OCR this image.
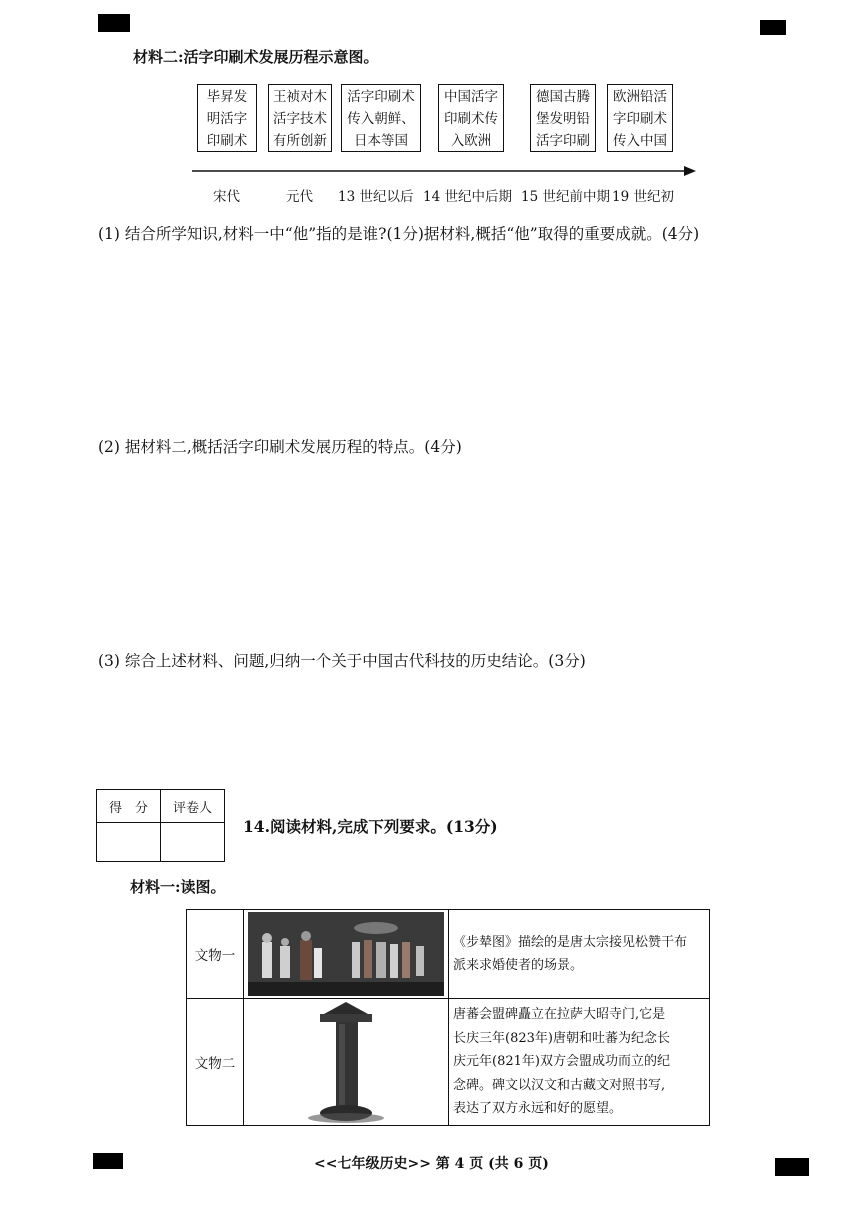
材料二:活字印刷术发展历程示意图。
毕昇发
明活字
印刷术
王祯对木
活字技术
有所创新
活字印刷术
传入朝鲜、
日本等国
中国活字
印刷术传
入欧洲
德国古腾
堡发明铅
活字印刷
欧洲铅活
字印刷术
传入中国
宋代	元代 13 世纪以后 14 世纪中后期 15 世纪前中期 19 世纪初
(1) 结合所学知识,材料一中“他”指的是谁?(1分)据材料,概括“他”取得的重要成就。(4分)
(2) 据材料二,概括活字印刷术发展历程的特点。(4分)
(3) 综合上述材料、问题,归纳一个关于中国古代科技的历史结论。(3分)
得　分	评卷人

14.阅读材料,完成下列要求。(13分)
材料一:读图。
文物一		《步辇图》描绘的是唐太宗接见松赞干布
派来求婚使者的场景。

文物二		唐蕃会盟碑矗立在拉萨大昭寺门,它是
长庆三年(823年)唐朝和吐蕃为纪念长
庆元年(821年)双方会盟成功而立的纪
念碑。碑文以汉文和古藏文对照书写,
表达了双方永远和好的愿望。
<<七年级历史>> 第 4 页 (共 6 页)
